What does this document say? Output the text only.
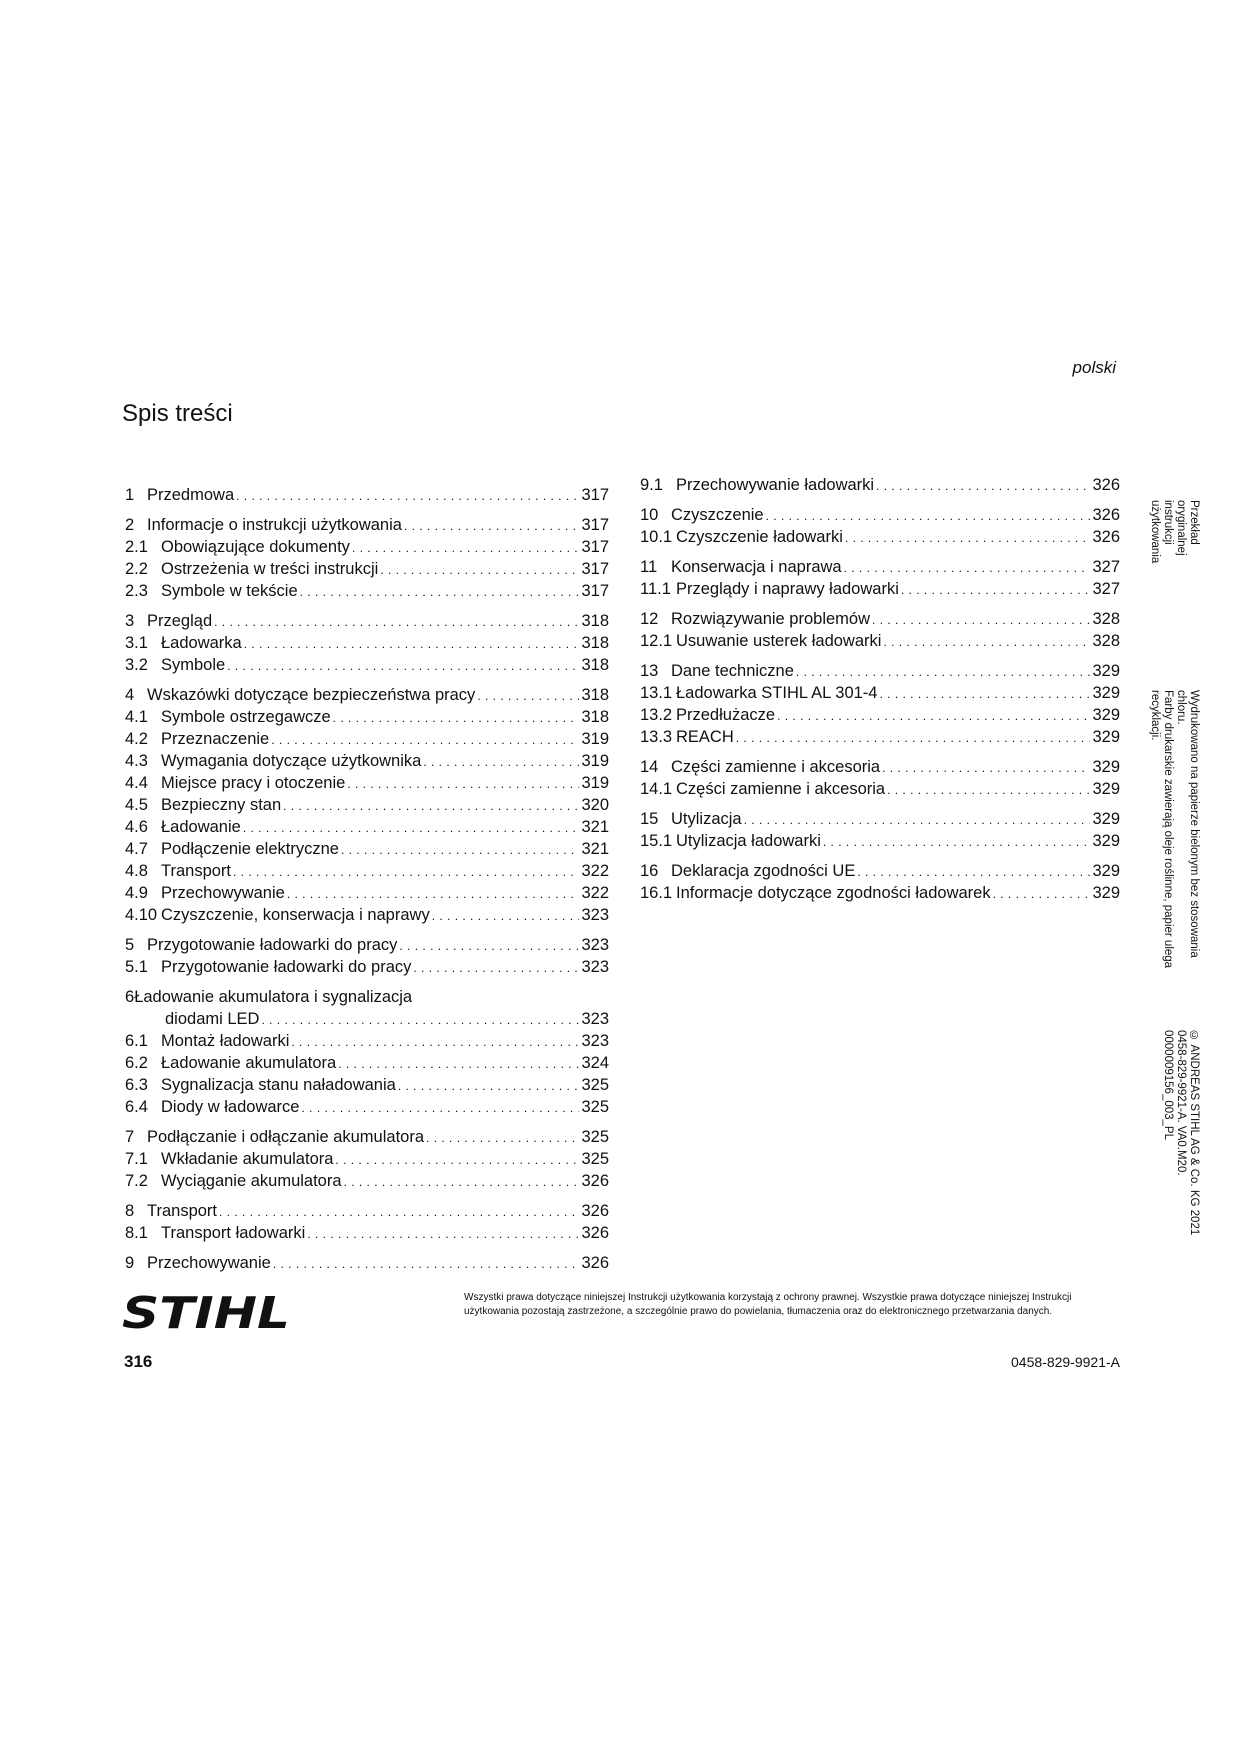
polski
Spis treści
1 Przedmowa . . .	317
2 Informacje o instrukcji użytkowania . . .	317
2.1 Obowiązujące dokumenty . . .	317
2.2 Ostrzeżenia w treści instrukcji . . .	317
2.3 Symbole w tekście . . .	317
3 Przegląd . . .	318
3.1 Ładowarka . . .	318
3.2 Symbole . . .	318
4 Wskazówki dotyczące bezpieczeństwa pracy . . .	318
4.1 Symbole ostrzegawcze . . .	318
4.2 Przeznaczenie . . .	319
4.3 Wymagania dotyczące użytkownika . . .	319
4.4 Miejsce pracy i otoczenie . . .	319
4.5 Bezpieczny stan . . .	320
4.6 Ładowanie . . .	321
4.7 Podłączenie elektryczne . . .	321
4.8 Transport . . .	322
4.9 Przechowywanie . . .	322
4.10 Czyszczenie, konserwacja i naprawy . . .	323
5 Przygotowanie ładowarki do pracy . . .	323
5.1 Przygotowanie ładowarki do pracy . . .	323
6Ładowanie akumulatora i sygnalizacja
diodami LED . . .	323
6.1 Montaż ładowarki . . .	323
6.2 Ładowanie akumulatora . . .	324
6.3 Sygnalizacja stanu naładowania . . .	325
6.4 Diody w ładowarce . . .	325
7 Podłączanie i odłączanie akumulatora . . .	325
7.1 Wkładanie akumulatora . . .	325
7.2 Wyciąganie akumulatora . . .	326
8 Transport . . .	326
8.1 Transport ładowarki . . .	326
9 Przechowywanie . . .	326
9.1 Przechowywanie ładowarki . . .	326
10 Czyszczenie . . .	326
10.1 Czyszczenie ładowarki . . .	326
11 Konserwacja i naprawa . . .	327
11.1 Przeglądy i naprawy ładowarki . . .	327
12 Rozwiązywanie problemów . . .	328
12.1 Usuwanie usterek ładowarki . . .	328
13 Dane techniczne . . .	329
13.1 Ładowarka STIHL AL 301-4 . . .	329
13.2 Przedłużacze . . .	329
13.3 REACH . . .	329
14 Części zamienne i akcesoria . . .	329
14.1 Części zamienne i akcesoria . . .	329
15 Utylizacja . . .	329
15.1 Utylizacja ładowarki . . .	329
16 Deklaracja zgodności UE . . .	329
16.1 Informacje dotyczące zgodności ładowarek . . .	329
Przekład oryginalnej instrukcji
użytkowania
Wydrukowano na papierze bielonym bez stosowania chloru.
Farby drukarskie zawierają oleje roślinne, papier ulega
recyklacji.
© ANDREAS STIHL AG & Co. KG 2021
0458-829-9921-A. VA0.M20.
0000009156_003_PL
STIHL	Wszystki prawa dotyczące niniejszej Instrukcji użytkowania korzystają z ochrony prawnej. Wszystkie prawa dotyczące niniejszej Instrukcji użytkowania pozostają zastrzeżone, a szczególnie prawo do powielania, tłumaczenia oraz do elektronicznego przetwarzania danych.
316	0458-829-9921-A
